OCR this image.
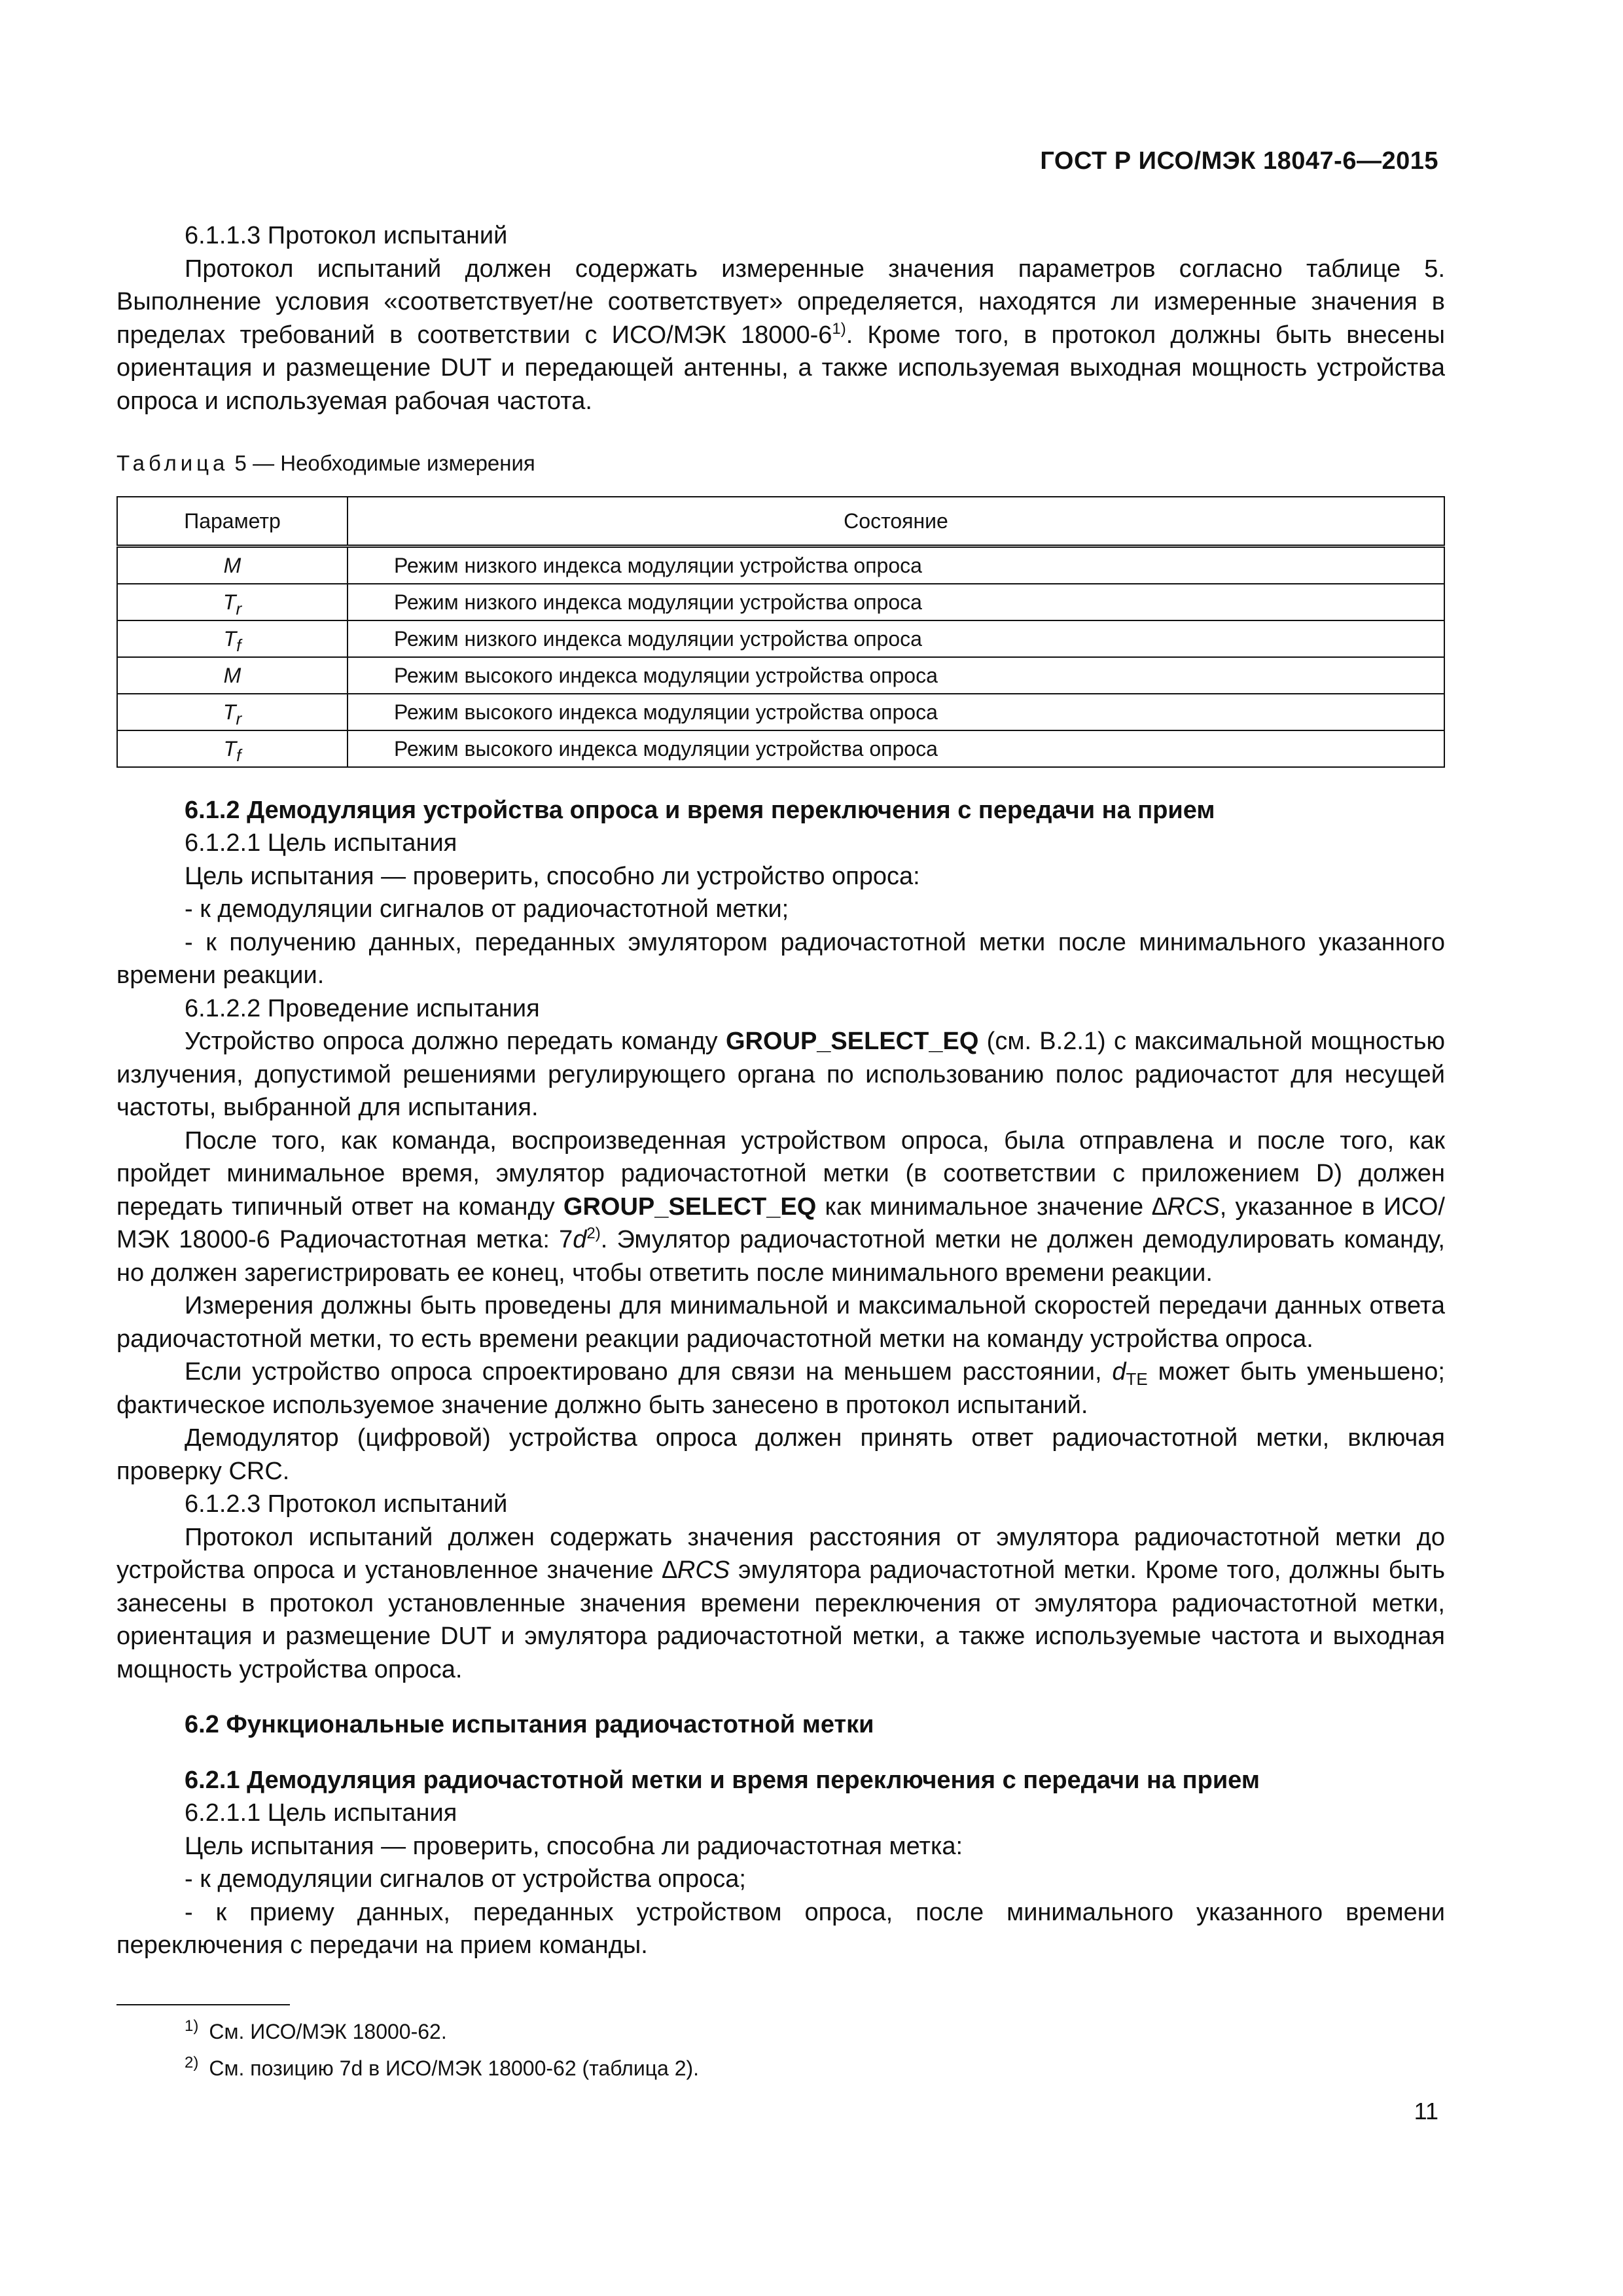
ГОСТ Р ИСО/МЭК 18047-6—2015

6.1.1.3 Протокол испытаний

Протокол испытаний должен содержать измеренные значения параметров согласно таблице 5. Выполнение условия «соответствует/не соответствует» определяется, находятся ли измеренные значения в пределах требований в соответствии с ИСО/МЭК 18000-6$^{1)}$. Кроме того, в протокол должны быть внесены ориентация и размещение DUT и передающей антенны, а также используемая выходная мощность устройства опроса и используемая рабочая частота.

Таблица 5 — Необходимые измерения

Параметр	Состояние
M	Режим низкого индекса модуляции устройства опроса
$T_r$	Режим низкого индекса модуляции устройства опроса
$T_f$	Режим низкого индекса модуляции устройства опроса
M	Режим высокого индекса модуляции устройства опроса
$T_r$	Режим высокого индекса модуляции устройства опроса
$T_f$	Режим высокого индекса модуляции устройства опроса

6.1.2 Демодуляция устройства опроса и время переключения с передачи на прием

6.1.2.1 Цель испытания

Цель испытания — проверить, способно ли устройство опроса:

- к демодуляции сигналов от радиочастотной метки;

- к получению данных, переданных эмулятором радиочастотной метки после минимального указанного времени реакции.

6.1.2.2 Проведение испытания

Устройство опроса должно передать команду GROUP_SELECT_EQ (см. В.2.1) с максимальной мощностью излучения, допустимой решениями регулирующего органа по использованию полос радиочастот для несущей частоты, выбранной для испытания.

После того, как команда, воспроизведенная устройством опроса, была отправлена и после того, как пройдет минимальное время, эмулятор радиочастотной метки (в соответствии с приложением D) должен передать типичный ответ на команду GROUP_SELECT_EQ как минимальное значение ∆RCS, указанное в ИСО/МЭК 18000-6 Радиочастотная метка: $7d^{2)}$. Эмулятор радиочастотной метки не должен демодулировать команду, но должен зарегистрировать ее конец, чтобы ответить после минимального времени реакции.

Измерения должны быть проведены для минимальной и максимальной скоростей передачи данных ответа радиочастотной метки, то есть времени реакции радиочастотной метки на команду устройства опроса.

Если устройство опроса спроектировано для связи на меньшем расстоянии, $d_{TE}$ может быть уменьшено; фактическое используемое значение должно быть занесено в протокол испытаний.

Демодулятор (цифровой) устройства опроса должен принять ответ радиочастотной метки, включая проверку CRC.

6.1.2.3 Протокол испытаний

Протокол испытаний должен содержать значения расстояния от эмулятора радиочастотной метки до устройства опроса и установленное значение ∆RCS эмулятора радиочастотной метки. Кроме того, должны быть занесены в протокол установленные значения времени переключения от эмулятора радиочастотной метки, ориентация и размещение DUT и эмулятора радиочастотной метки, а также используемые частота и выходная мощность устройства опроса.

6.2 Функциональные испытания радиочастотной метки

6.2.1 Демодуляция радиочастотной метки и время переключения с передачи на прием

6.2.1.1 Цель испытания

Цель испытания — проверить, способна ли радиочастотная метка:

- к демодуляции сигналов от устройства опроса;

- к приему данных, переданных устройством опроса, после минимального указанного времени переключения с передачи на прием команды.

$^{1)}$ См. ИСО/МЭК 18000-62.
$^{2)}$ См. позицию 7d в ИСО/МЭК 18000-62 (таблица 2).
11
